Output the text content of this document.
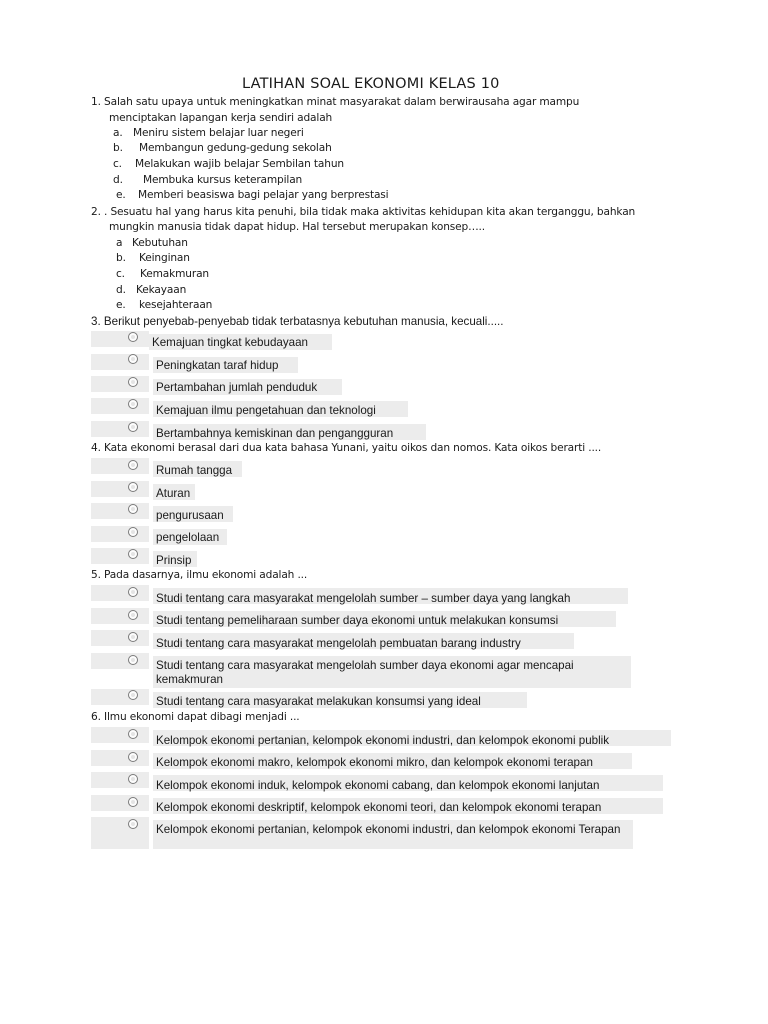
LATIHAN SOAL EKONOMI KELAS 10
1. Salah satu upaya untuk meningkatkan minat masyarakat dalam berwirausaha agar mampu
menciptakan lapangan kerja sendiri adalah
a. Meniru sistem belajar luar negeri
b. Membangun gedung-gedung sekolah
c. Melakukan wajib belajar Sembilan tahun
d. Membuka kursus keterampilan
e. Memberi beasiswa bagi pelajar yang berprestasi
2. . Sesuatu hal yang harus kita penuhi, bila tidak maka aktivitas kehidupan kita akan terganggu, bahkan
mungkin manusia tidak dapat hidup. Hal tersebut merupakan konsep…..
a Kebutuhan
b. Keinginan
c. Kemakmuran
d. Kekayaan
e. kesejahteraan
3. Berikut penyebab-penyebab tidak terbatasnya kebutuhan manusia, kecuali.....
Kemajuan tingkat kebudayaan
Peningkatan taraf hidup
Pertambahan jumlah penduduk
Kemajuan ilmu pengetahuan dan teknologi
Bertambahnya kemiskinan dan pengangguran
4. Kata ekonomi berasal dari dua kata bahasa Yunani, yaitu oikos dan nomos. Kata oikos berarti ....
Rumah tangga
Aturan
pengurusaan
pengelolaan
Prinsip
5. Pada dasarnya, ilmu ekonomi adalah ...
Studi tentang cara masyarakat mengelolah sumber – sumber daya yang langkah
Studi tentang pemeliharaan sumber daya ekonomi untuk melakukan konsumsi
Studi tentang cara masyarakat mengelolah pembuatan barang industry
Studi tentang cara masyarakat mengelolah sumber daya ekonomi agar mencapai kemakmuran
Studi tentang cara masyarakat melakukan konsumsi yang ideal
6. Ilmu ekonomi dapat dibagi menjadi ...
Kelompok ekonomi pertanian, kelompok ekonomi industri, dan kelompok ekonomi publik
Kelompok ekonomi makro, kelompok ekonomi mikro, dan kelompok ekonomi terapan
Kelompok ekonomi induk, kelompok ekonomi cabang, dan kelompok ekonomi lanjutan
Kelompok ekonomi deskriptif, kelompok ekonomi teori, dan kelompok ekonomi terapan
Kelompok ekonomi pertanian, kelompok ekonomi industri, dan kelompok ekonomi Terapan
